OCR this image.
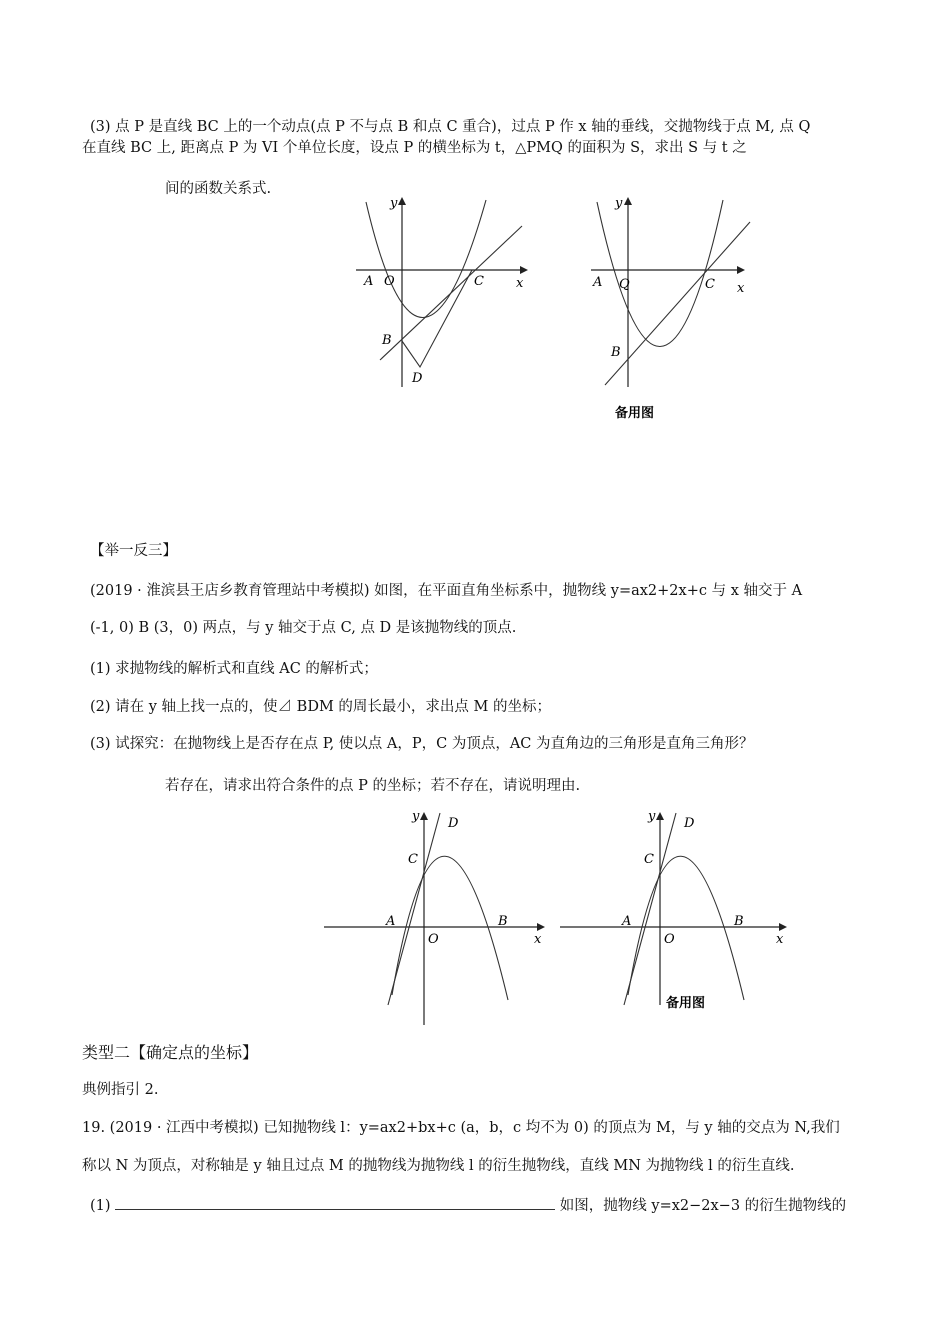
(3) 点 P 是直线 BC 上的一个动点(点 P 不与点 B 和点 C 重合)，过点 P 作 x 轴的垂线，交抛物线于点 M, 点 Q
在直线 BC 上, 距离点 P 为 VI 个单位长度，设点 P 的横坐标为 t，△PMQ 的面积为 S，求出 S 与 t 之
间的函数关系式.
y
x
A O	C
B
D
y
x
A Q	C
B
备用图
【举一反三】
(2019 · 淮滨县王店乡教育管理站中考模拟) 如图，在平面直角坐标系中，抛物线 y=ax2+2x+c 与 x 轴交于 A
(-1, 0) B (3，0) 两点，与 y 轴交于点 C, 点 D 是该抛物线的顶点.
(1) 求抛物线的解析式和直线 AC 的解析式；
(2) 请在 y 轴上找一点的，使⊿ BDM 的周长最小，求出点 M 的坐标；
(3) 试探究：在抛物线上是否存在点 P, 使以点 A，P，C 为顶点，AC 为直角边的三角形是直角三角形？
若存在，请求出符合条件的点 P 的坐标；若不存在，请说明理由.
y
x
A
O
B
C
D	y
x
A
O
B
C
D
备用图
类型二【确定点的坐标】
典例指引 2.
19. (2019 · 江西中考模拟) 已知抛物线 l：y=ax2+bx+c (a，b，c 均不为 0) 的顶点为 M，与 y 轴的交点为 N,我们
称以 N 为顶点，对称轴是 y 轴且过点 M 的抛物线为抛物线 l 的衍生抛物线，直线 MN 为抛物线 l 的衍生直线.
(1)	如图，抛物线 y=x2−2x−3 的衍生抛物线的
